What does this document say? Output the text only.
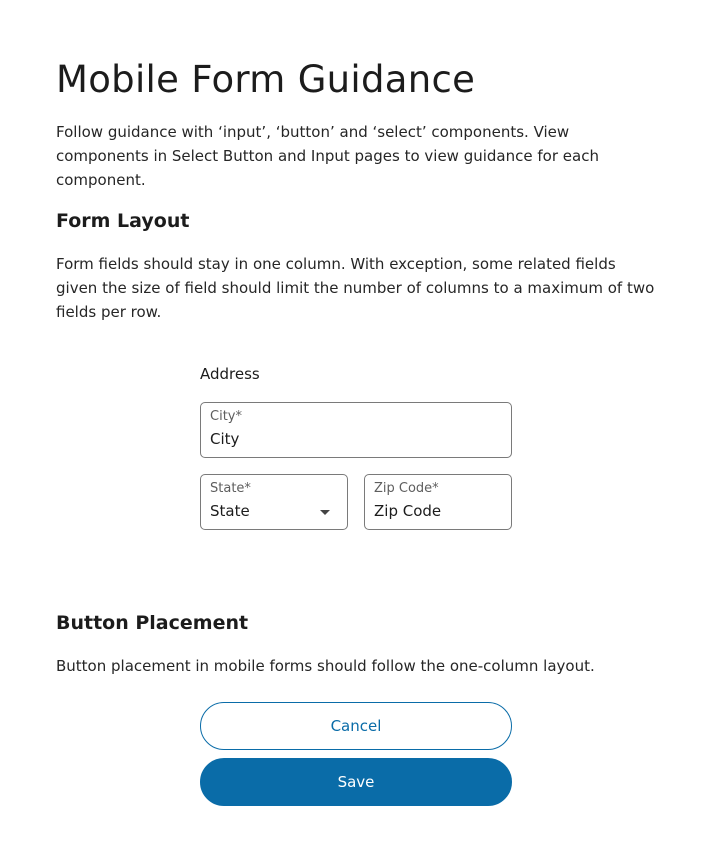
Mobile Form Guidance

Follow guidance with ‘input’, ‘button’ and ‘select’ components. View components in Select Button and Input pages to view guidance for each component.

Form Layout

Form fields should stay in one column. With exception, some related fields given the size of field should limit the number of columns to a maximum of two fields per row.

Button Placement

Button placement in mobile forms should follow the one-column layout.

Address

City*
City
State*
State
Zip Code*
Zip Code
Cancel
Save
